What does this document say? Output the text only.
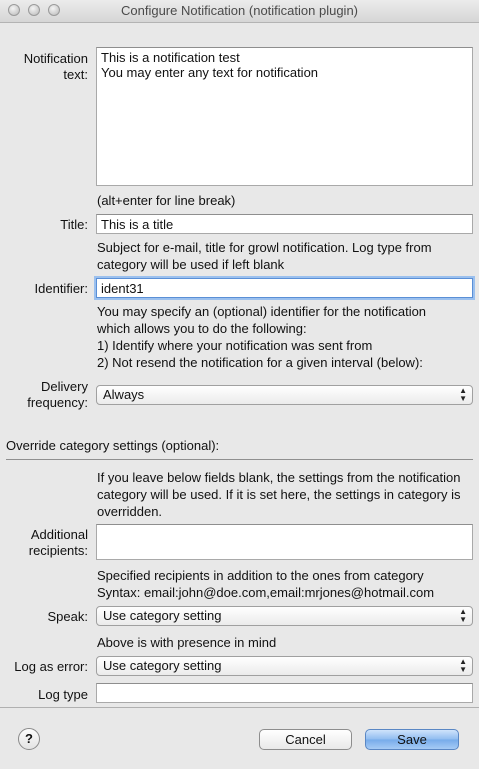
Configure Notification (notification plugin)
Notification text:
This is a notification test You may enter any text for notification
(alt+enter for line break)
Title:
This is a title
Subject for e-mail, title for growl notification. Log type from category will be used if left blank
Identifier:
ident31
You may specify an (optional) identifier for the notification
which allows you to do the following:
1) Identify where your notification was sent from
2) Not resend the notification for a given interval (below):
Delivery frequency:
Always	▲
▼
Override category settings (optional):
If you leave below fields blank, the settings from the notification category will be used. If it is set here, the settings in category is overridden.
Additional recipients:
Specified recipients in addition to the ones from category
Syntax: email:john@doe.com,email:mrjones@hotmail.com
Speak:	Use category setting	▲
▼
Above is with presence in mind
Log as error:	Use category setting	▲
▼
Log type
?	Cancel	Save
